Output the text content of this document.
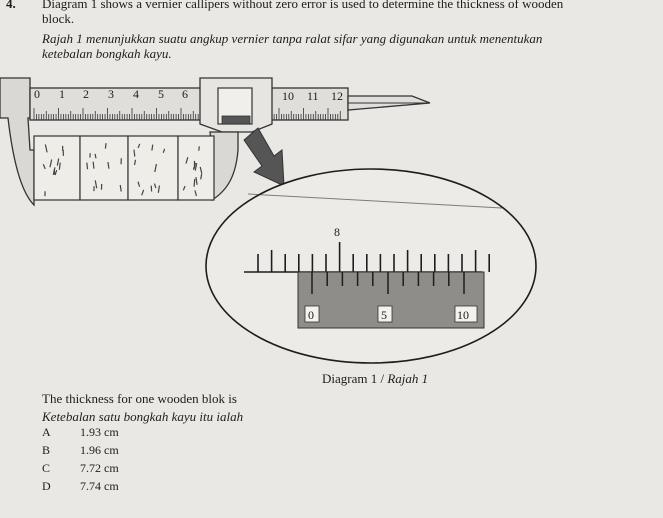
4. Diagram 1 shows a vernier callipers without zero error is used to determine the thickness of wooden
block.
Rajah 1 menunjukkan suatu angkup vernier tanpa ralat sifar yang digunakan untuk menentukan
ketebalan bongkah kayu.
0 1 2 3 4 5 6	10 11 12
8
0	5	10
Diagram 1 / Rajah 1
The thickness for one wooden blok is
Ketebalan satu bongkah kayu itu ialah
A 1.93 cm
B 1.96 cm
C 7.72 cm
D 7.74 cm
